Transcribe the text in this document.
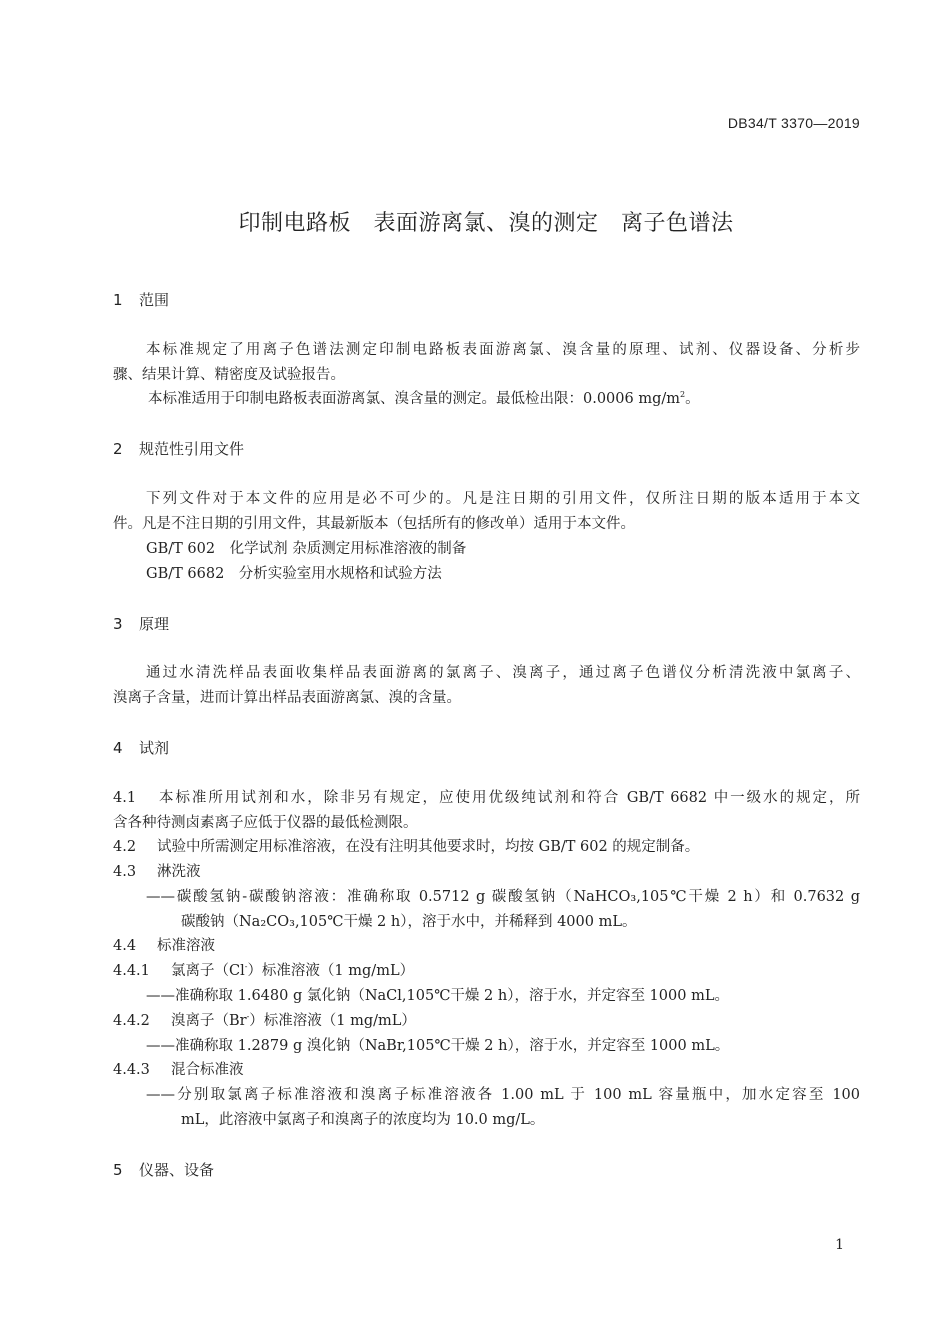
DB34/T 3370—2019
印制电路板　表面游离氯、溴的测定　离子色谱法
1 范围
本标准规定了用离子色谱法测定印制电路板表面游离氯、溴含量的原理、试剂、仪器设备、分析步
骤、结果计算、精密度及试验报告。
本标准适用于印制电路板表面游离氯、溴含量的测定。最低检出限：0.0006 $mg/m^2$。
2 规范性引用文件
下列文件对于本文件的应用是必不可少的。凡是注日期的引用文件，仅所注日期的版本适用于本文
件。凡是不注日期的引用文件，其最新版本（包括所有的修改单）适用于本文件。
GB/T 602　化学试剂 杂质测定用标准溶液的制备
GB/T 6682　分析实验室用水规格和试验方法
3 原理
通过水清洗样品表面收集样品表面游离的氯离子、溴离子，通过离子色谱仪分析清洗液中氯离子、
溴离子含量，进而计算出样品表面游离氯、溴的含量。
4 试剂
4.1 本标准所用试剂和水，除非另有规定，应使用优级纯试剂和符合 GB/T 6682 中一级水的规定，所
含各种待测卤素离子应低于仪器的最低检测限。
4.2 试验中所需测定用标准溶液，在没有注明其他要求时，均按 GB/T 602 的规定制备。
4.3 淋洗液
——碳酸氢钠-碳酸钠溶液：准确称取 0.5712 g 碳酸氢钠（NaHCO₃,105℃干燥 2 h）和 0.7632 g
碳酸钠（Na₂CO₃,105℃干燥 2 h），溶于水中，并稀释到 4000 mL。
4.4 标准溶液
4.4.1 氯离子（Cl-）标准溶液（1 mg/mL）
——准确称取 1.6480 g 氯化钠（NaCl,105℃干燥 2 h），溶于水，并定容至 1000 mL。
4.4.2 溴离子（Br-）标准溶液（1 mg/mL）
——准确称取 1.2879 g 溴化钠（NaBr,105℃干燥 2 h），溶于水，并定容至 1000 mL。
4.4.3 混合标准液
——分别取氯离子标准溶液和溴离子标准溶液各 1.00 mL 于 100 mL 容量瓶中，加水定容至 100
mL，此溶液中氯离子和溴离子的浓度均为 10.0 mg/L。
5 仪器、设备
1
